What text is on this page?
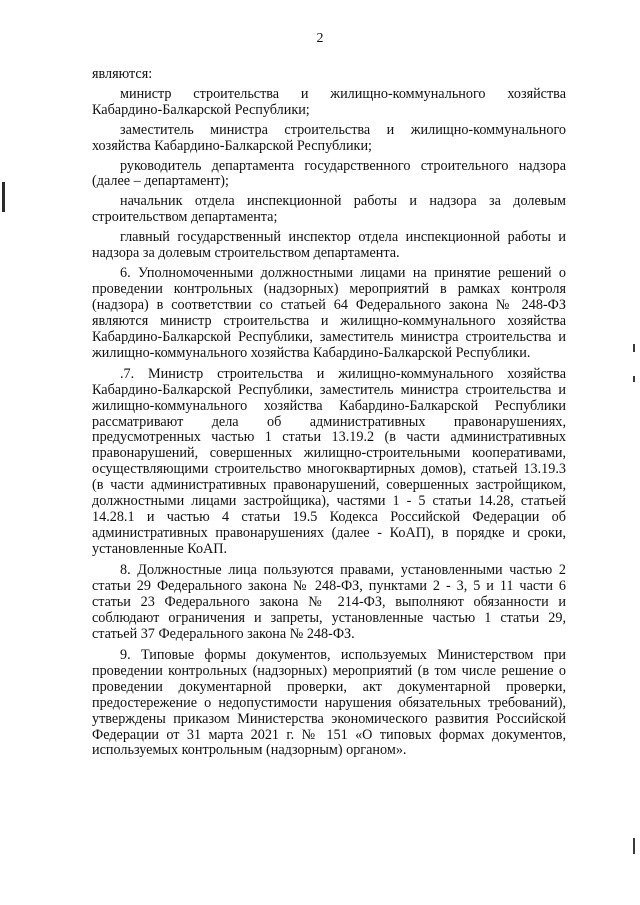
2

являются:

министр строительства и жилищно-коммунального хозяйства Кабардино-Балкарской Республики;

заместитель министра строительства и жилищно-коммунального хозяйства Кабардино-Балкарской Республики;

руководитель департамента государственного строительного надзора (далее – департамент);

начальник отдела инспекционной работы и надзора за долевым строительством департамента;

главный государственный инспектор отдела инспекционной работы и надзора за долевым строительством департамента.

6. Уполномоченными должностными лицами на принятие решений о проведении контрольных (надзорных) мероприятий в рамках контроля (надзора) в соответствии со статьей 64 Федерального закона № 248-ФЗ являются министр строительства и жилищно-коммунального хозяйства Кабардино-Балкарской Республики, заместитель министра строительства и жилищно-коммунального хозяйства Кабардино-Балкарской Республики.

.7. Министр строительства и жилищно-коммунального хозяйства Кабардино-Балкарской Республики, заместитель министра строительства и жилищно-коммунального хозяйства Кабардино-Балкарской Республики рассматривают дела об административных правонарушениях, предусмотренных частью 1 статьи 13.19.2 (в части административных правонарушений, совершенных жилищно-строительными кооперативами, осуществляющими строительство многоквартирных домов), статьей 13.19.3 (в части административных правонарушений, совершенных застройщиком, должностными лицами застройщика), частями 1 - 5 статьи 14.28, статьей 14.28.1 и частью 4 статьи 19.5 Кодекса Российской Федерации об административных правонарушениях (далее - КоАП), в порядке и сроки, установленные КоАП.

8. Должностные лица пользуются правами, установленными частью 2 статьи 29 Федерального закона № 248-ФЗ, пунктами 2 - 3, 5 и 11 части 6 статьи 23 Федерального закона № 214-ФЗ, выполняют обязанности и соблюдают ограничения и запреты, установленные частью 1 статьи 29, статьей 37 Федерального закона № 248-ФЗ.

9. Типовые формы документов, используемых Министерством при проведении контрольных (надзорных) мероприятий (в том числе решение о проведении документарной проверки, акт документарной проверки, предостережение о недопустимости нарушения обязательных требований), утверждены приказом Министерства экономического развития Российской Федерации от 31 марта 2021 г. № 151 «О типовых формах документов, используемых контрольным (надзорным) органом».
